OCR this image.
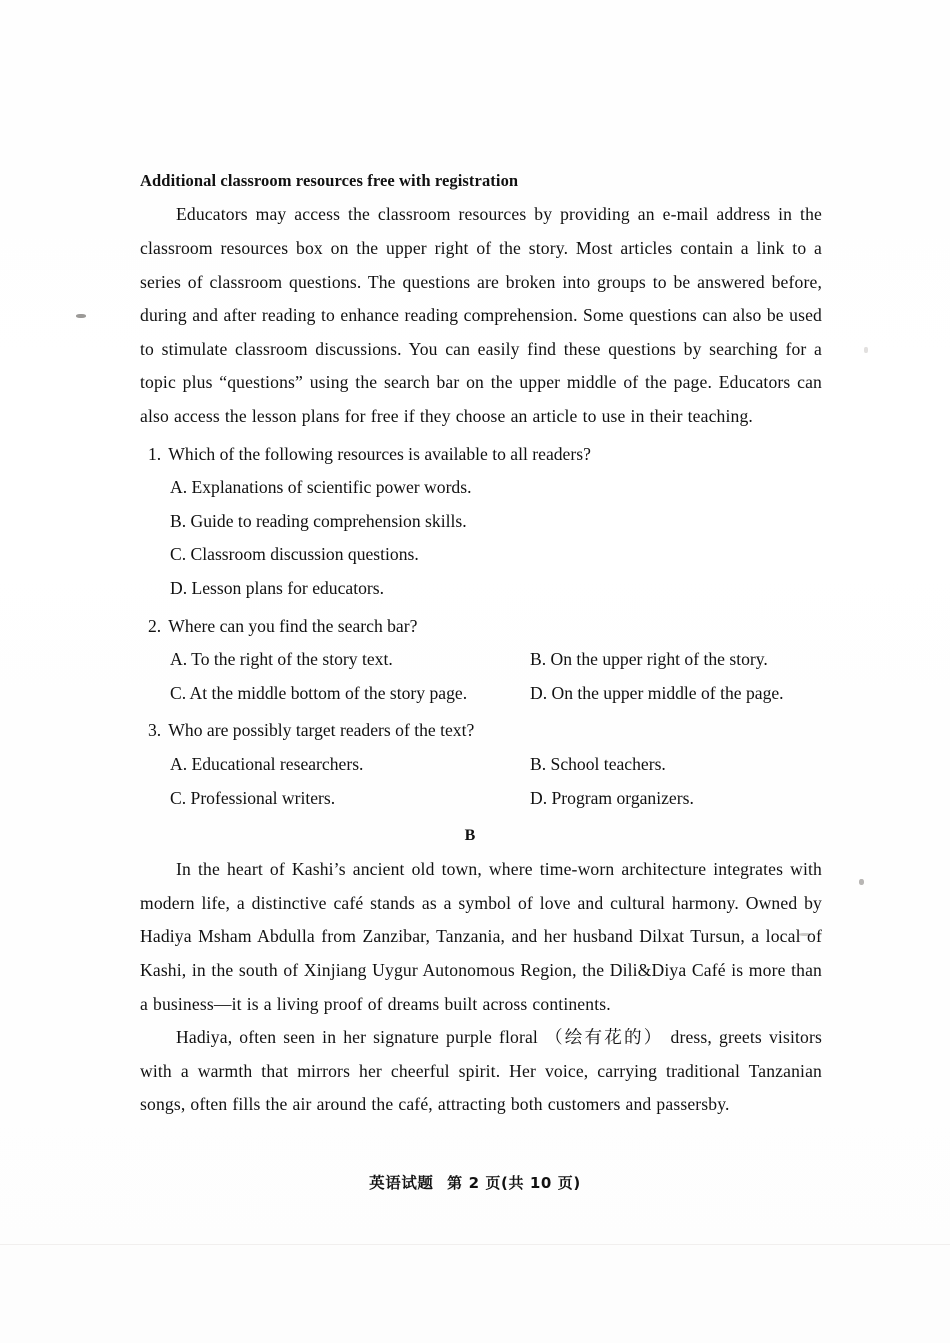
Additional classroom resources free with registration

Educators may access the classroom resources by providing an e-mail address in the classroom resources box on the upper right of the story. Most articles contain a link to a series of classroom questions. The questions are broken into groups to be answered before, during and after reading to enhance reading comprehension. Some questions can also be used to stimulate classroom discussions. You can easily find these questions by searching for a topic plus “questions” using the search bar on the upper middle of the page. Educators can also access the lesson plans for free if they choose an article to use in their teaching.

1. Which of the following resources is available to all readers?
A. Explanations of scientific power words.
B. Guide to reading comprehension skills.
C. Classroom discussion questions.
D. Lesson plans for educators.
2. Where can you find the search bar?
A. To the right of the story text.	B. On the upper right of the story.
C. At the middle bottom of the story page.	D. On the upper middle of the page.
3. Who are possibly target readers of the text?
A. Educational researchers.	B. School teachers.
C. Professional writers.	D. Program organizers.
B

In the heart of Kashi’s ancient old town, where time-worn architecture integrates with modern life, a distinctive café stands as a symbol of love and cultural harmony. Owned by Hadiya Msham Abdulla from Zanzibar, Tanzania, and her husband Dilxat Tursun, a local of Kashi, in the south of Xinjiang Uygur Autonomous Region, the Dili&Diya Café is more than a business—it is a living proof of dreams built across continents.

Hadiya, often seen in her signature purple floral （绘有花的） dress, greets visitors with a warmth that mirrors her cheerful spirit. Her voice, carrying traditional Tanzanian songs, often fills the air around the café, attracting both customers and passersby.

英语试题 第 2 页(共 10 页)
